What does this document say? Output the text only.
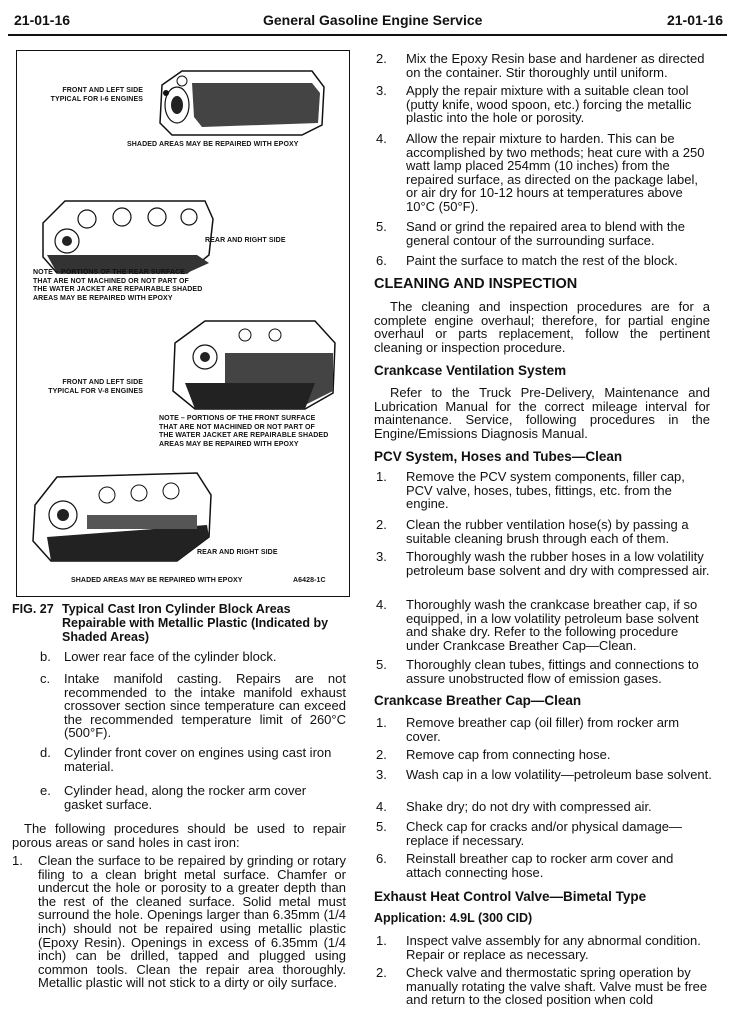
21-01-16	General Gasoline Engine Service	21-01-16
FRONT AND LEFT SIDE TYPICAL FOR I-6 ENGINES
SHADED AREAS MAY BE REPAIRED WITH EPOXY
REAR AND RIGHT SIDE
NOTE – PORTIONS OF THE REAR SURFACE THAT ARE NOT MACHINED OR NOT PART OF THE WATER JACKET ARE REPAIRABLE SHADED AREAS MAY BE REPAIRED WITH EPOXY
FRONT AND LEFT SIDE TYPICAL FOR V-8 ENGINES
NOTE – PORTIONS OF THE FRONT SURFACE THAT ARE NOT MACHINED OR NOT PART OF THE WATER JACKET ARE REPAIRABLE SHADED AREAS MAY BE REPAIRED WITH EPOXY
REAR AND RIGHT SIDE
SHADED AREAS MAY BE REPAIRED WITH EPOXY	A6428-1C
FIG. 27 Typical Cast Iron Cylinder Block Areas Repairable with Metallic Plastic (Indicated by Shaded Areas)
b. Lower rear face of the cylinder block.
c. Intake manifold casting. Repairs are not recommended to the intake manifold exhaust crossover section since temperature can exceed the recommended temperature limit of 260°C (500°F).
d. Cylinder front cover on engines using cast iron material.
e. Cylinder head, along the rocker arm cover gasket surface.
The following procedures should be used to repair porous areas or sand holes in cast iron:
1. Clean the surface to be repaired by grinding or rotary filing to a clean bright metal surface. Chamfer or undercut the hole or porosity to a greater depth than the rest of the cleaned surface. Solid metal must surround the hole. Openings larger than 6.35mm (1/4 inch) should not be repaired using metallic plastic (Epoxy Resin). Openings in excess of 6.35mm (1/4 inch) can be drilled, tapped and plugged using common tools. Clean the repair area thoroughly. Metallic plastic will not stick to a dirty or oily surface.
2. Mix the Epoxy Resin base and hardener as directed on the container. Stir thoroughly until uniform.
3. Apply the repair mixture with a suitable clean tool (putty knife, wood spoon, etc.) forcing the metallic plastic into the hole or porosity.
4. Allow the repair mixture to harden. This can be accomplished by two methods; heat cure with a 250 watt lamp placed 254mm (10 inches) from the repaired surface, as directed on the package label, or air dry for 10-12 hours at temperatures above 10°C (50°F).
5. Sand or grind the repaired area to blend with the general contour of the surrounding surface.
6. Paint the surface to match the rest of the block.
CLEANING AND INSPECTION
The cleaning and inspection procedures are for a complete engine overhaul; therefore, for partial engine overhaul or parts replacement, follow the pertinent cleaning or inspection procedure.
Crankcase Ventilation System
Refer to the Truck Pre-Delivery, Maintenance and Lubrication Manual for the correct mileage interval for maintenance. Service, following procedures in the Engine/Emissions Diagnosis Manual.
PCV System, Hoses and Tubes—Clean
1. Remove the PCV system components, filler cap, PCV valve, hoses, tubes, fittings, etc. from the engine.
2. Clean the rubber ventilation hose(s) by passing a suitable cleaning brush through each of them.
3. Thoroughly wash the rubber hoses in a low volatility petroleum base solvent and dry with compressed air.
4. Thoroughly wash the crankcase breather cap, if so equipped, in a low volatility petroleum base solvent and shake dry. Refer to the following procedure under Crankcase Breather Cap—Clean.
5. Thoroughly clean tubes, fittings and connections to assure unobstructed flow of emission gases.
Crankcase Breather Cap—Clean
1. Remove breather cap (oil filler) from rocker arm cover.
2. Remove cap from connecting hose.
3. Wash cap in a low volatility—petroleum base solvent.
4. Shake dry; do not dry with compressed air.
5. Check cap for cracks and/or physical damage—replace if necessary.
6. Reinstall breather cap to rocker arm cover and attach connecting hose.
Exhaust Heat Control Valve—Bimetal Type
Application: 4.9L (300 CID)
1. Inspect valve assembly for any abnormal condition. Repair or replace as necessary.
2. Check valve and thermostatic spring operation by manually rotating the valve shaft. Valve must be free and return to the closed position when cold
